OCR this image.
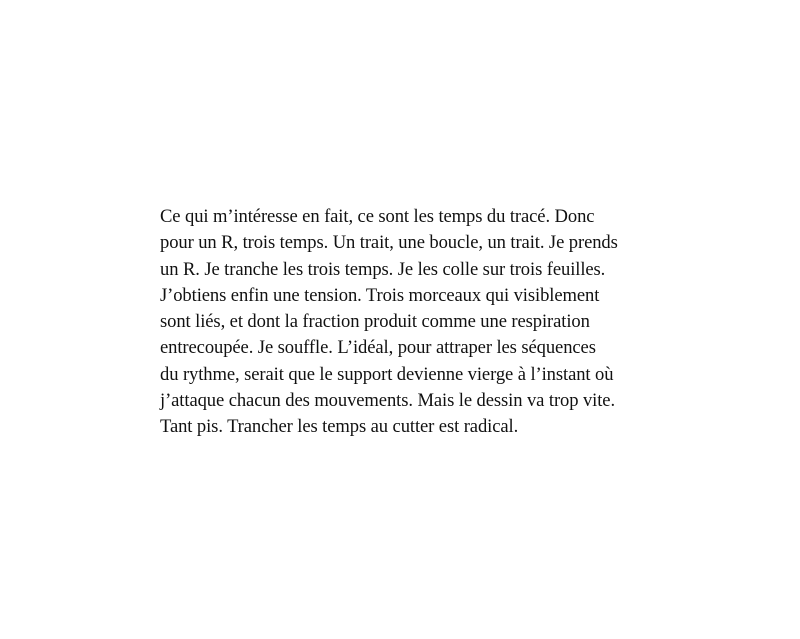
Ce qui m’intéresse en fait, ce sont les temps du tracé. Donc
pour un R, trois temps. Un trait, une boucle, un trait. Je prends
un R. Je tranche les trois temps. Je les colle sur trois feuilles.
J’obtiens enfin une tension. Trois morceaux qui visiblement
sont liés, et dont la fraction produit comme une respiration
entrecoupée. Je souffle. L’idéal, pour attraper les séquences
du rythme, serait que le support devienne vierge à l’instant où
j’attaque chacun des mouvements. Mais le dessin va trop vite.
Tant pis. Trancher les temps au cutter est radical.
